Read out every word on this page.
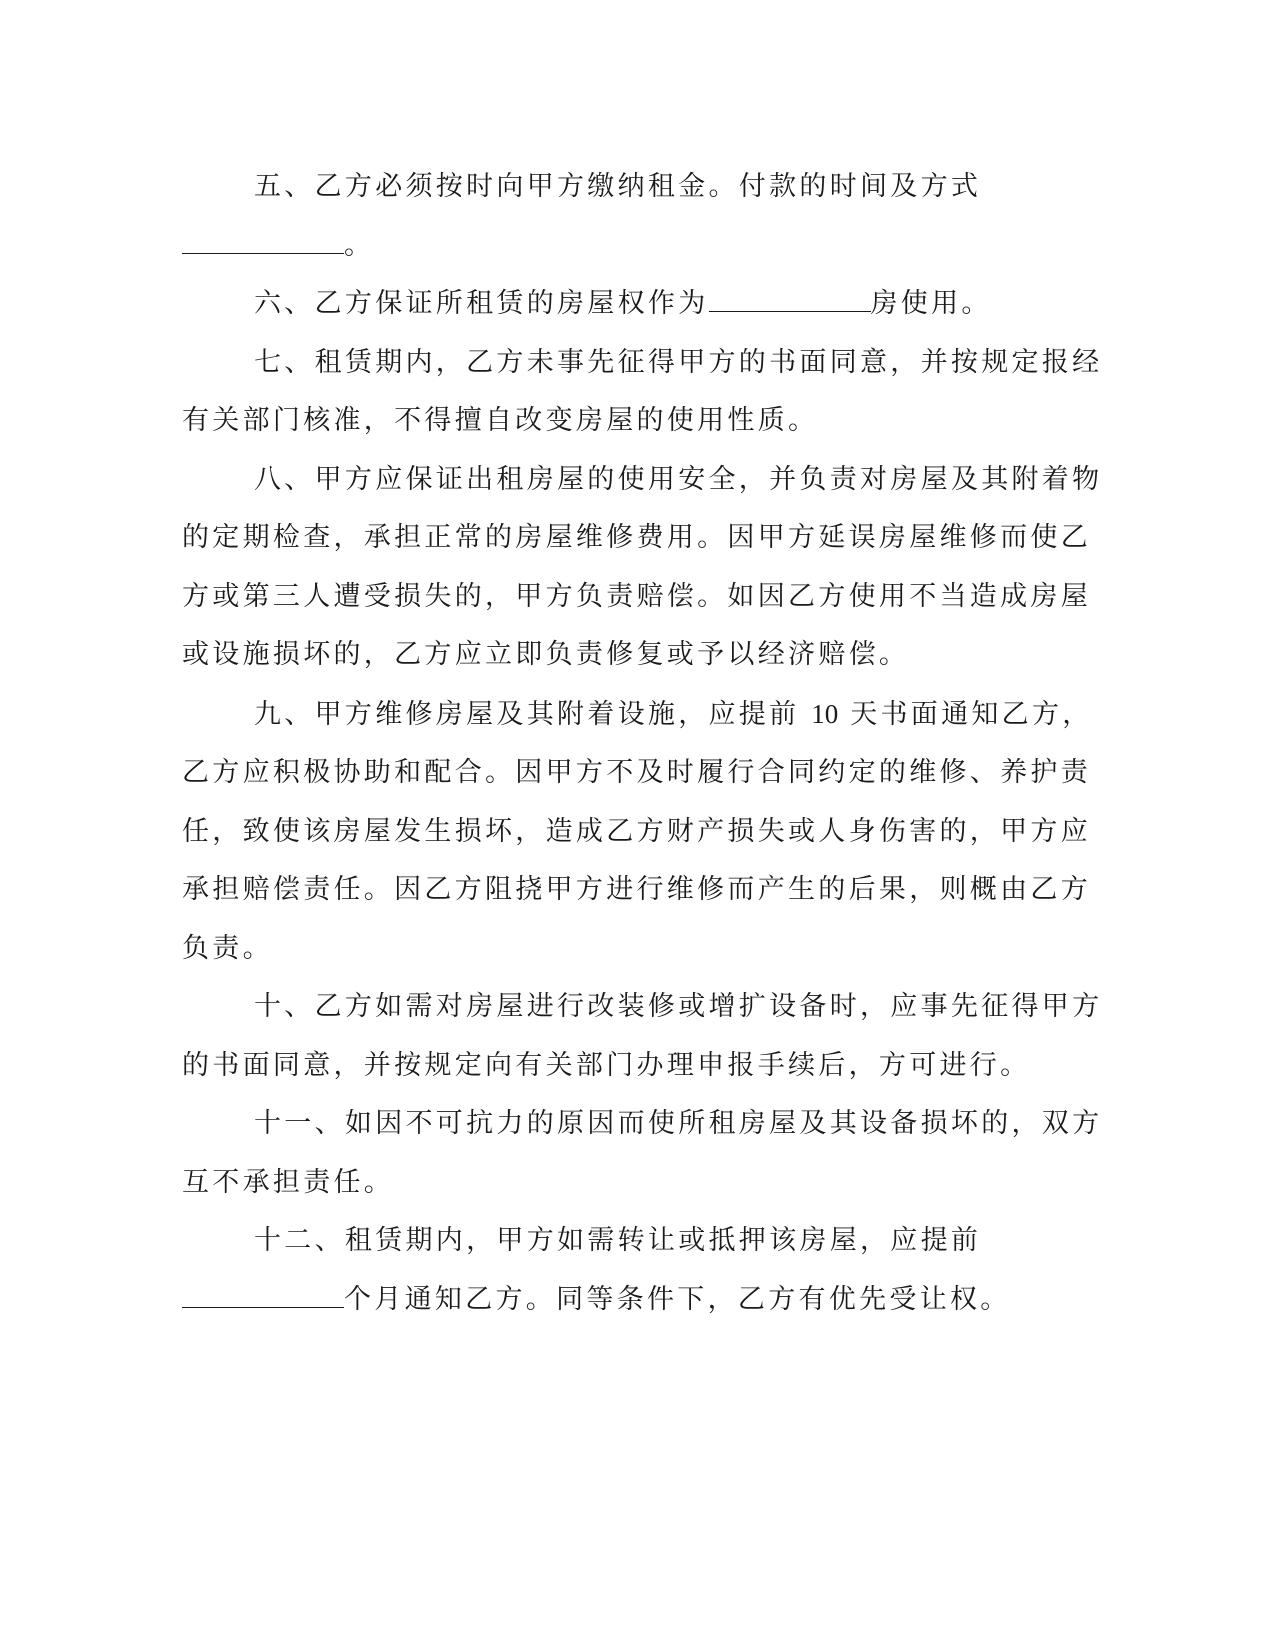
五、乙方必须按时向甲方缴纳租金。付款的时间及方式
。
六、乙方保证所租赁的房屋权作为	房使用。
七、租赁期内，乙方未事先征得甲方的书面同意，并按规定报经
有关部门核准，不得擅自改变房屋的使用性质。
八、甲方应保证出租房屋的使用安全，并负责对房屋及其附着物
的定期检查，承担正常的房屋维修费用。因甲方延误房屋维修而使乙
方或第三人遭受损失的，甲方负责赔偿。如因乙方使用不当造成房屋
或设施损坏的，乙方应立即负责修复或予以经济赔偿。
九、甲方维修房屋及其附着设施，应提前 10 天书面通知乙方，
乙方应积极协助和配合。因甲方不及时履行合同约定的维修、养护责
任，致使该房屋发生损坏，造成乙方财产损失或人身伤害的，甲方应
承担赔偿责任。因乙方阻挠甲方进行维修而产生的后果，则概由乙方
负责。
十、乙方如需对房屋进行改装修或增扩设备时，应事先征得甲方
的书面同意，并按规定向有关部门办理申报手续后，方可进行。
十一、如因不可抗力的原因而使所租房屋及其设备损坏的，双方
互不承担责任。
十二、租赁期内，甲方如需转让或抵押该房屋，应提前
个月通知乙方。同等条件下，乙方有优先受让权。
